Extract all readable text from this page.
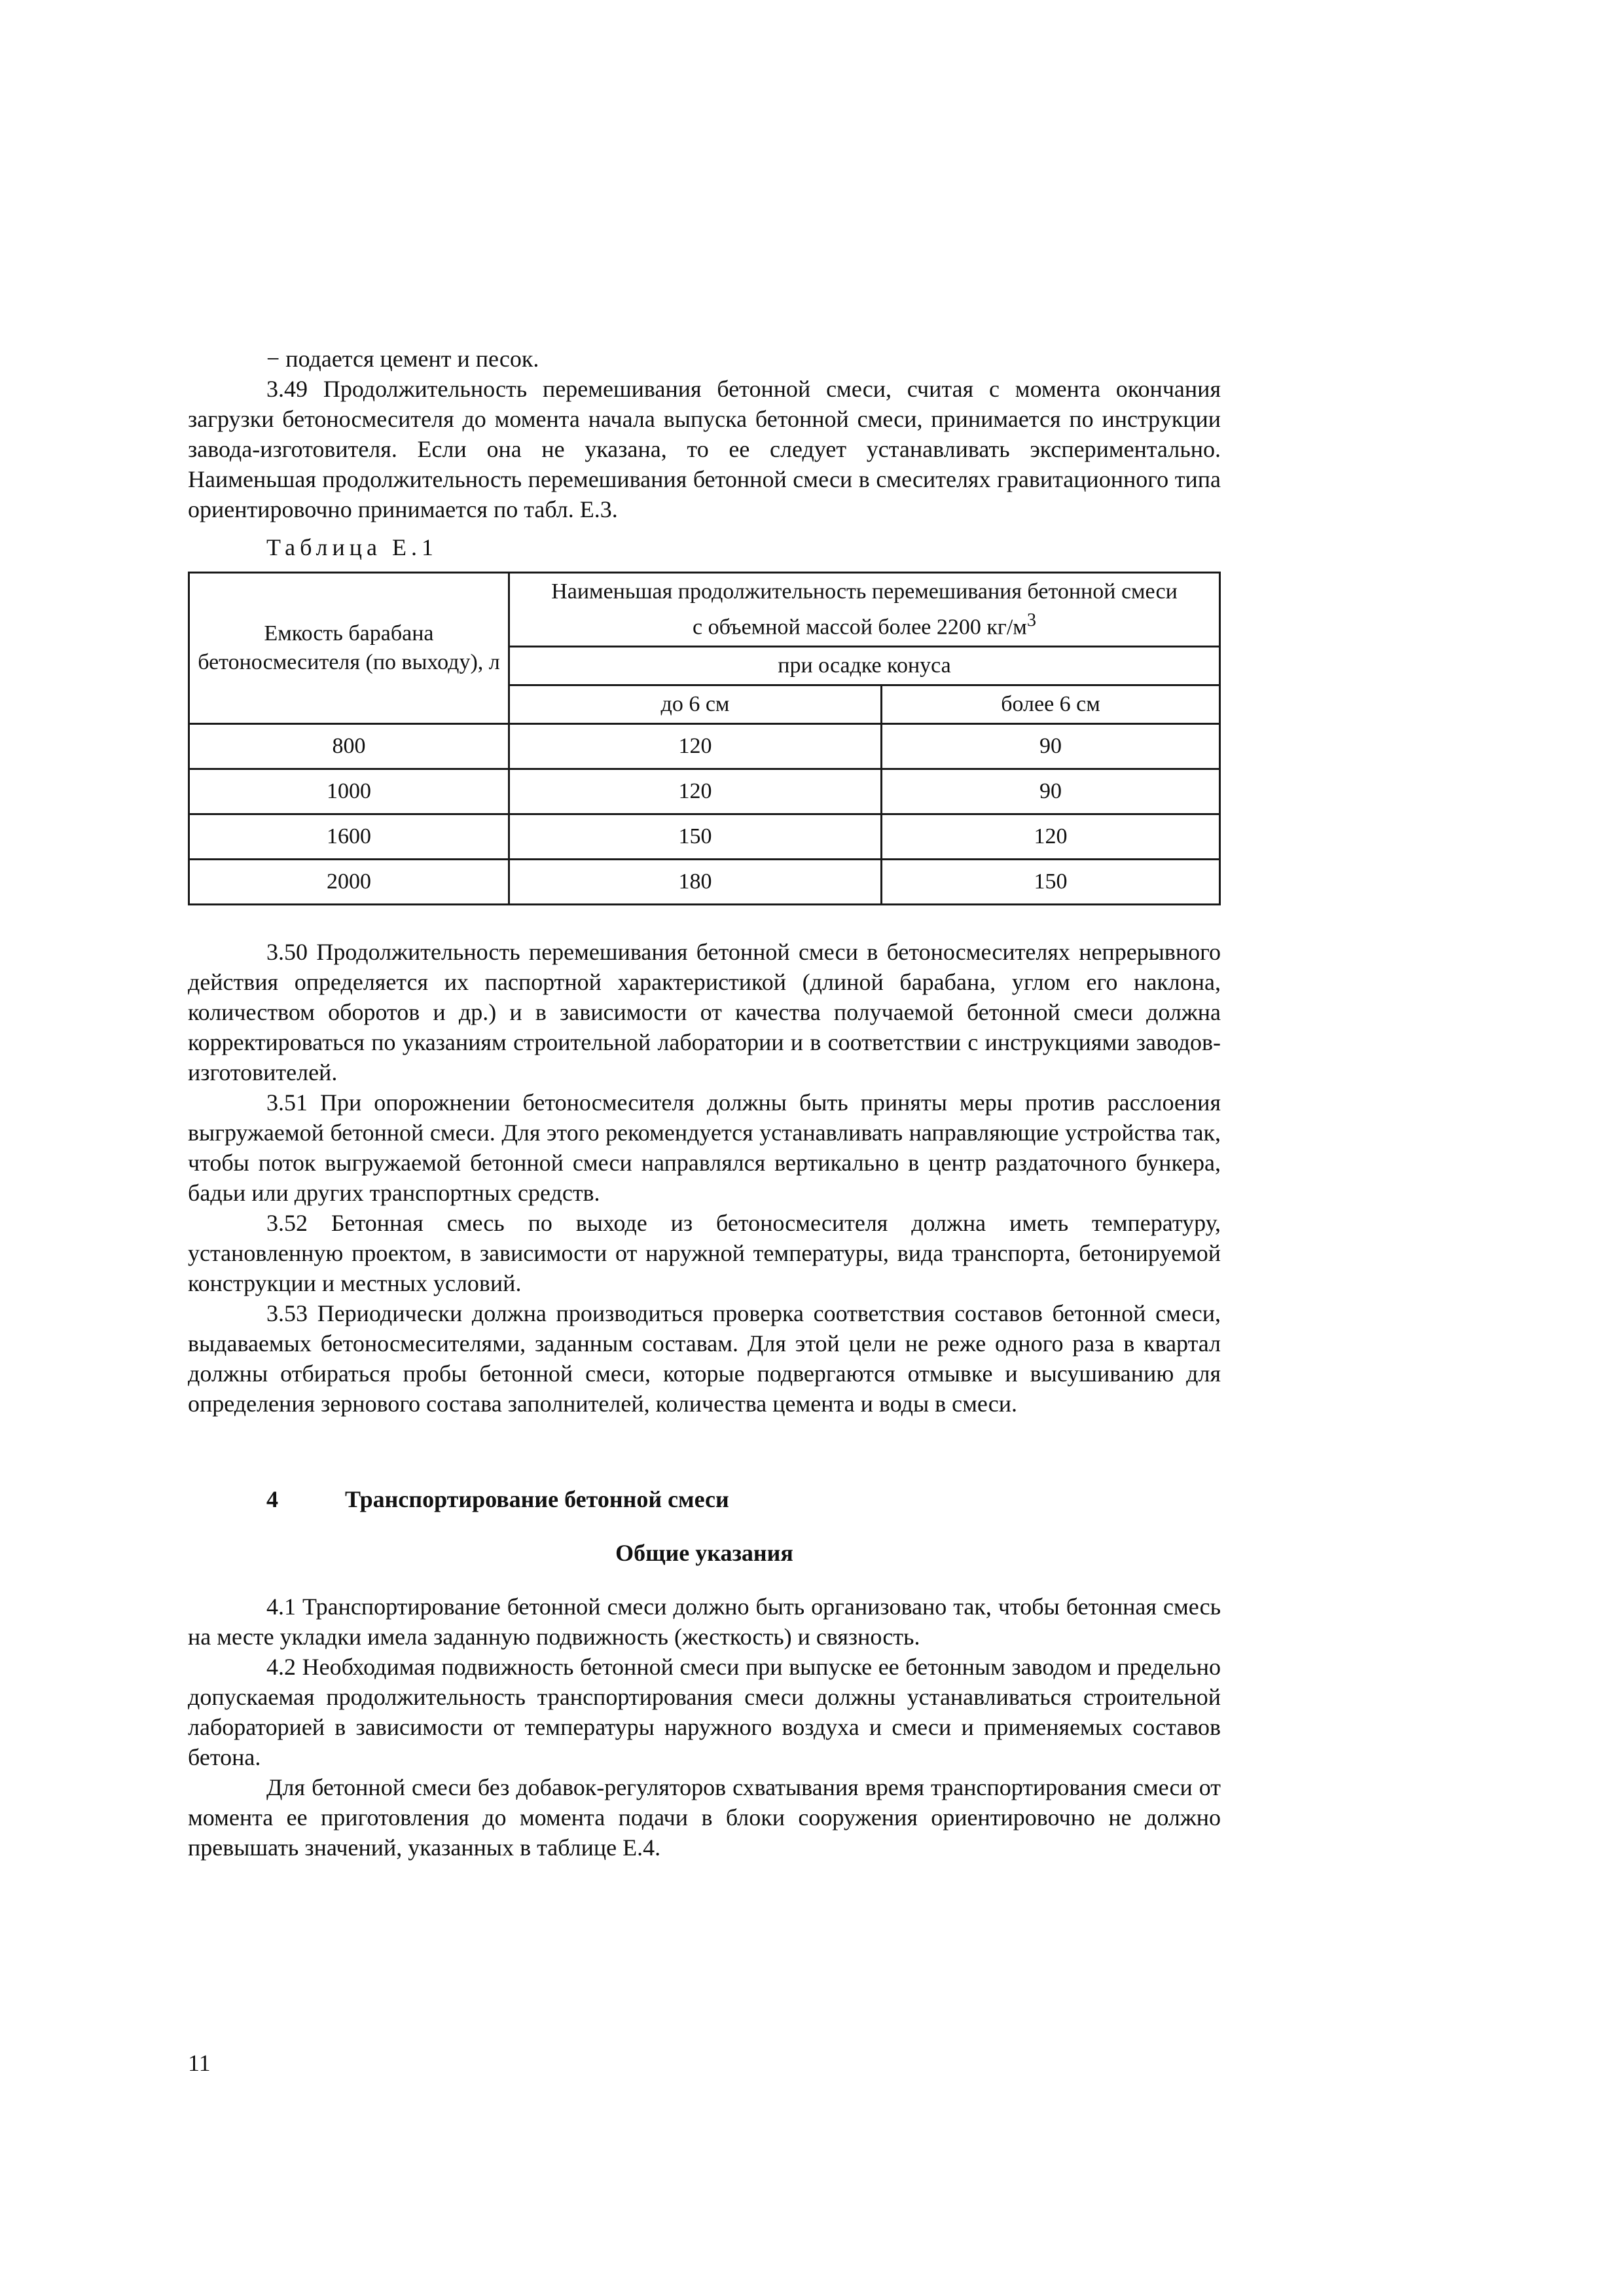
− подается цемент и песок.

3.49 Продолжительность перемешивания бетонной смеси, считая с момента окончания загрузки бетоносмесителя до момента начала выпуска бетонной смеси, принимается по инструкции завода-изготовителя. Если она не указана, то ее следует устанавливать экспериментально. Наименьшая продолжительность перемешивания бетонной смеси в смесителях гравитационного типа ориентировочно принимается по табл. Е.3.

Таблица Е.1
Емкость барабана бетоносмесителя (по выходу), л	Наименьшая продолжительность перемешивания бетонной смеси
с объемной массой более 2200 $кг/м^3$
	при осадке конуса	
	до 6 см	более 6 см
800	120	90
1000	120	90
1600	150	120
2000	180	150

3.50 Продолжительность перемешивания бетонной смеси в бетоносмесителях непрерывного действия определяется их паспортной характеристикой (длиной барабана, углом его наклона, количеством оборотов и др.) и в зависимости от качества получаемой бетонной смеси должна корректироваться по указаниям строительной лаборатории и в соответствии с инструкциями заводов-изготовителей.

3.51 При опорожнении бетоносмесителя должны быть приняты меры против расслоения выгружаемой бетонной смеси. Для этого рекомендуется устанавливать направляющие устройства так, чтобы поток выгружаемой бетонной смеси направлялся вертикально в центр раздаточного бункера, бадьи или других транспортных средств.

3.52 Бетонная смесь по выходе из бетоносмесителя должна иметь температуру, установленную проектом, в зависимости от наружной температуры, вида транспорта, бетонируемой конструкции и местных условий.

3.53 Периодически должна производиться проверка соответствия составов бетонной смеси, выдаваемых бетоносмесителями, заданным составам. Для этой цели не реже одного раза в квартал должны отбираться пробы бетонной смеси, которые подвергаются отмывке и высушиванию для определения зернового состава заполнителей, количества цемента и воды в смеси.

4	Транспортирование бетонной смеси
Общие указания

4.1 Транспортирование бетонной смеси должно быть организовано так, чтобы бетонная смесь на месте укладки имела заданную подвижность (жесткость) и связность.

4.2 Необходимая подвижность бетонной смеси при выпуске ее бетонным заводом и предельно допускаемая продолжительность транспортирования смеси должны устанавливаться строительной лабораторией в зависимости от температуры наружного воздуха и смеси и применяемых составов бетона.

Для бетонной смеси без добавок-регуляторов схватывания время транспортирования смеси от момента ее приготовления до момента подачи в блоки сооружения ориентировочно не должно превышать значений, указанных в таблице Е.4.

11
